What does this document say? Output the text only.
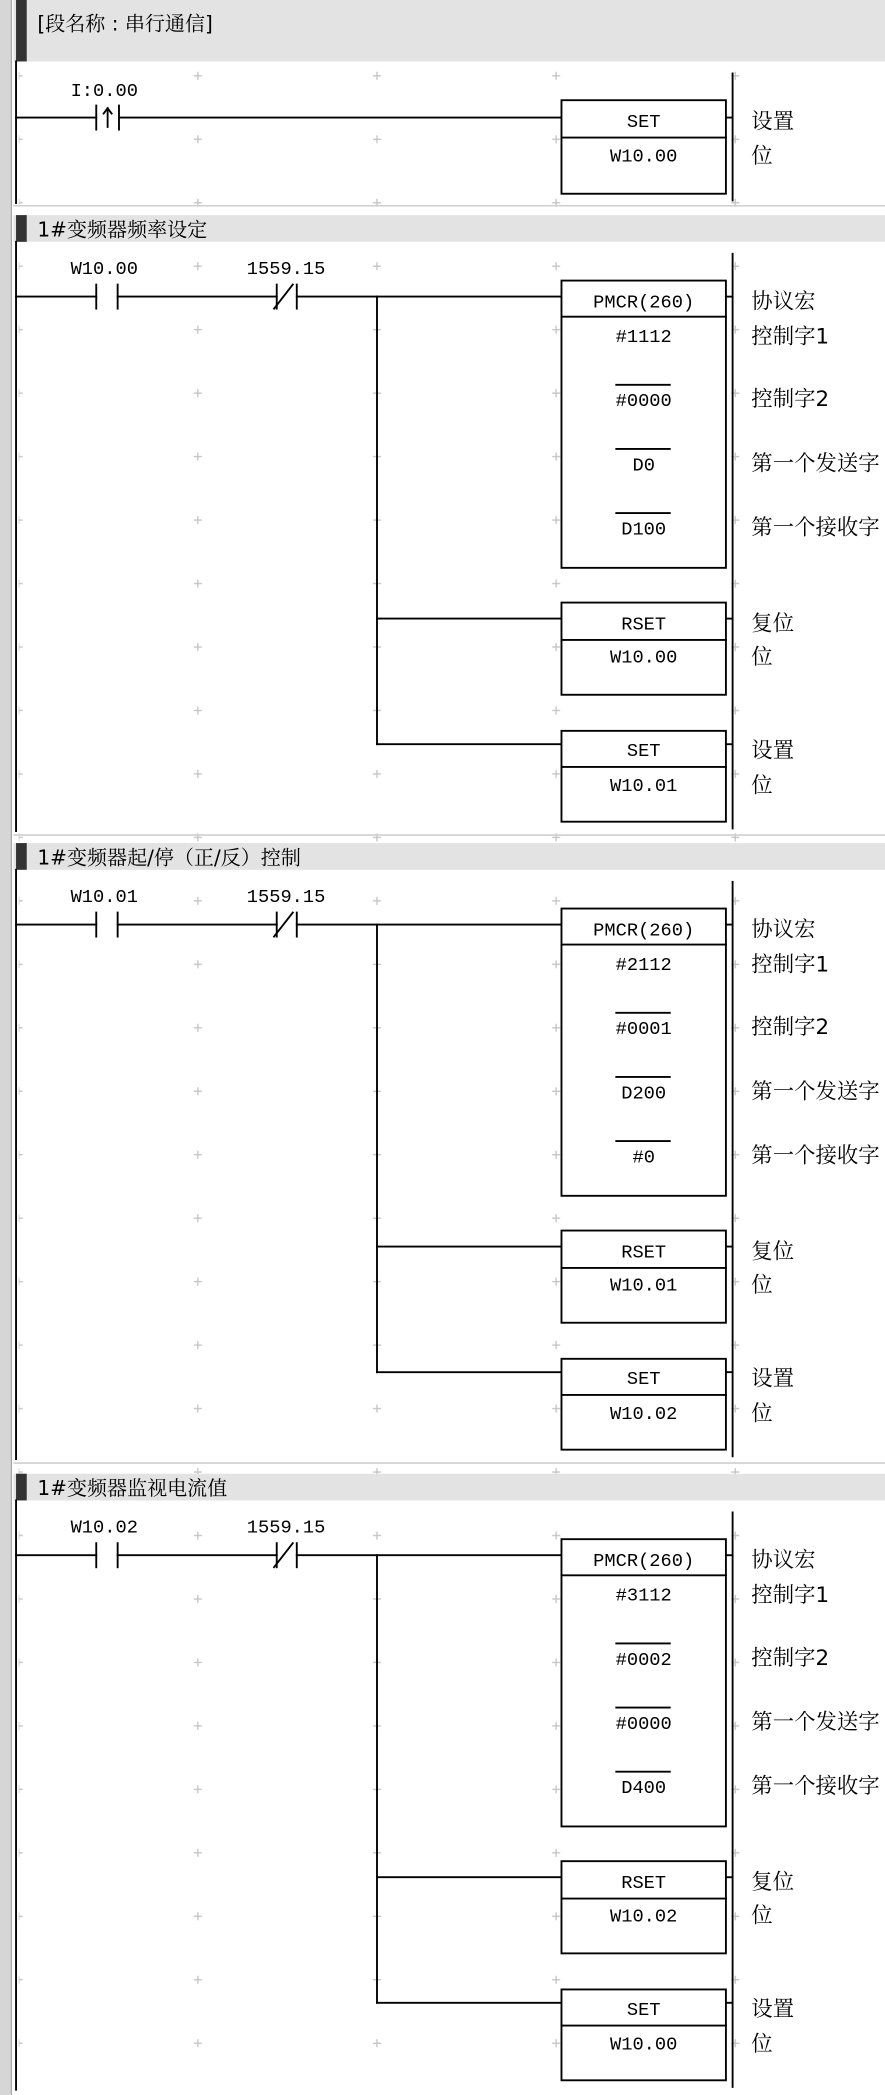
[段名称 : 串行通信]
I:0.00
SET
W10.00
设置
位
1#变频器频率设定
W10.00	1559.15
PMCR(260)
#1112
#0000
D0
D100
RSET
W10.00
SET
W10.01
协议宏
控制字1
控制字2
第一个发送字
第一个接收字
复位
位
设置
位
1#变频器起/停（正/反）控制
W10.01	1559.15
PMCR(260)
#2112
#0001
D200
#0
RSET
W10.01
SET
W10.02
协议宏
控制字1
控制字2
第一个发送字
第一个接收字
复位
位
设置
位
1#变频器监视电流值
W10.02	1559.15
PMCR(260)
#3112
#0002
#0000
D400
RSET
W10.02
SET
W10.00
协议宏
控制字1
控制字2
第一个发送字
第一个接收字
复位
位
设置
位
